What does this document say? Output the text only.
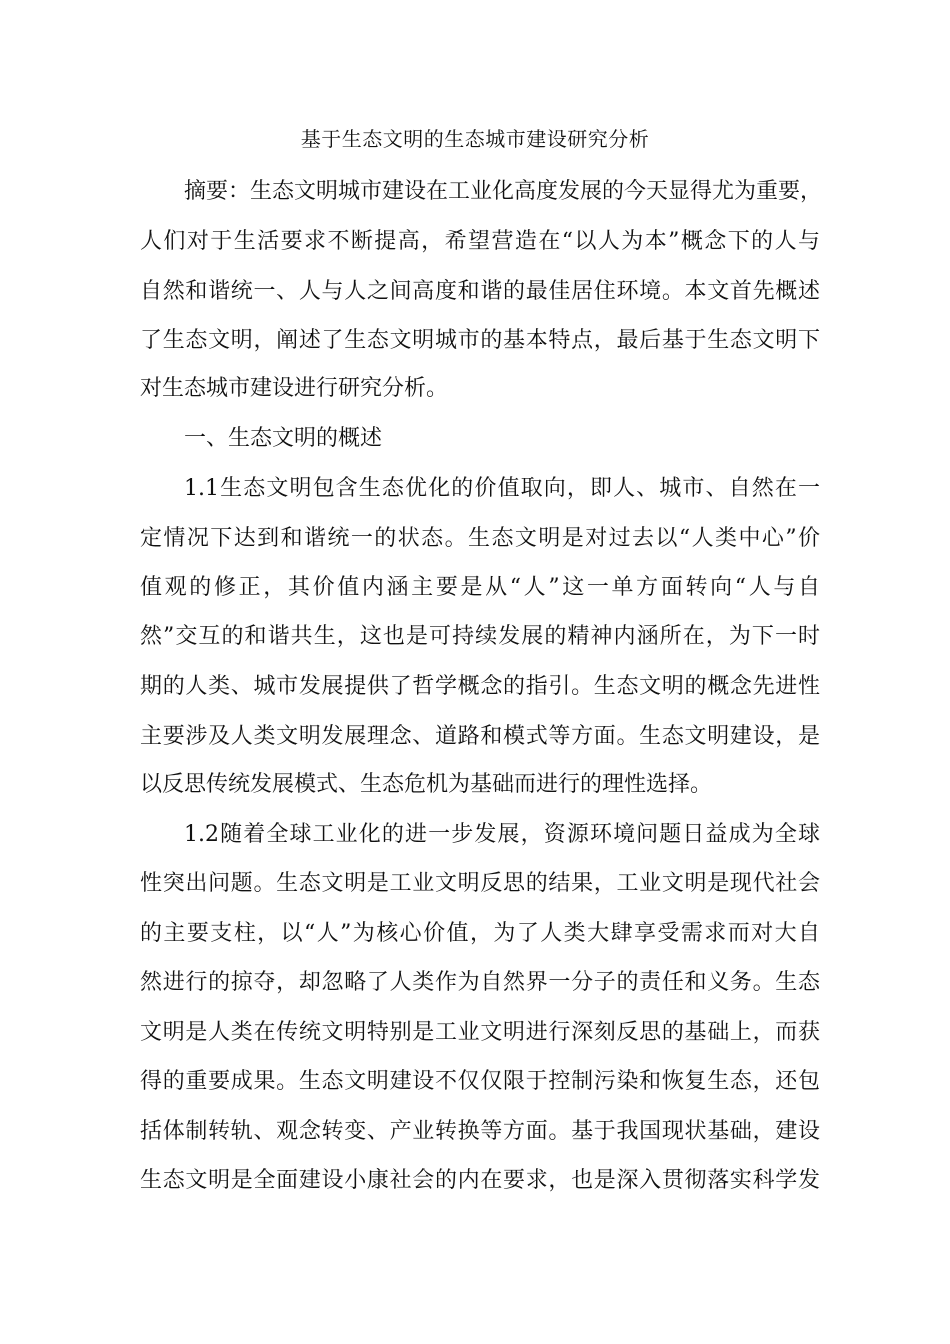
基于生态文明的生态城市建设研究分析
摘要：生态文明城市建设在工业化高度发展的今天显得尤为重要，
人们对于生活要求不断提高，希望营造在“以人为本”概念下的人与
自然和谐统一、人与人之间高度和谐的最佳居住环境。本文首先概述
了生态文明，阐述了生态文明城市的基本特点，最后基于生态文明下
对生态城市建设进行研究分析。
一、生态文明的概述
1.1生态文明包含生态优化的价值取向，即人、城市、自然在一
定情况下达到和谐统一的状态。生态文明是对过去以“人类中心”价
值观的修正，其价值内涵主要是从“人”这一单方面转向“人与自
然”交互的和谐共生，这也是可持续发展的精神内涵所在，为下一时
期的人类、城市发展提供了哲学概念的指引。生态文明的概念先进性
主要涉及人类文明发展理念、道路和模式等方面。生态文明建设，是
以反思传统发展模式、生态危机为基础而进行的理性选择。
1.2随着全球工业化的进一步发展，资源环境问题日益成为全球
性突出问题。生态文明是工业文明反思的结果，工业文明是现代社会
的主要支柱，以“人”为核心价值，为了人类大肆享受需求而对大自
然进行的掠夺，却忽略了人类作为自然界一分子的责任和义务。生态
文明是人类在传统文明特别是工业文明进行深刻反思的基础上，而获
得的重要成果。生态文明建设不仅仅限于控制污染和恢复生态，还包
括体制转轨、观念转变、产业转换等方面。基于我国现状基础，建设
生态文明是全面建设小康社会的内在要求，也是深入贯彻落实科学发
